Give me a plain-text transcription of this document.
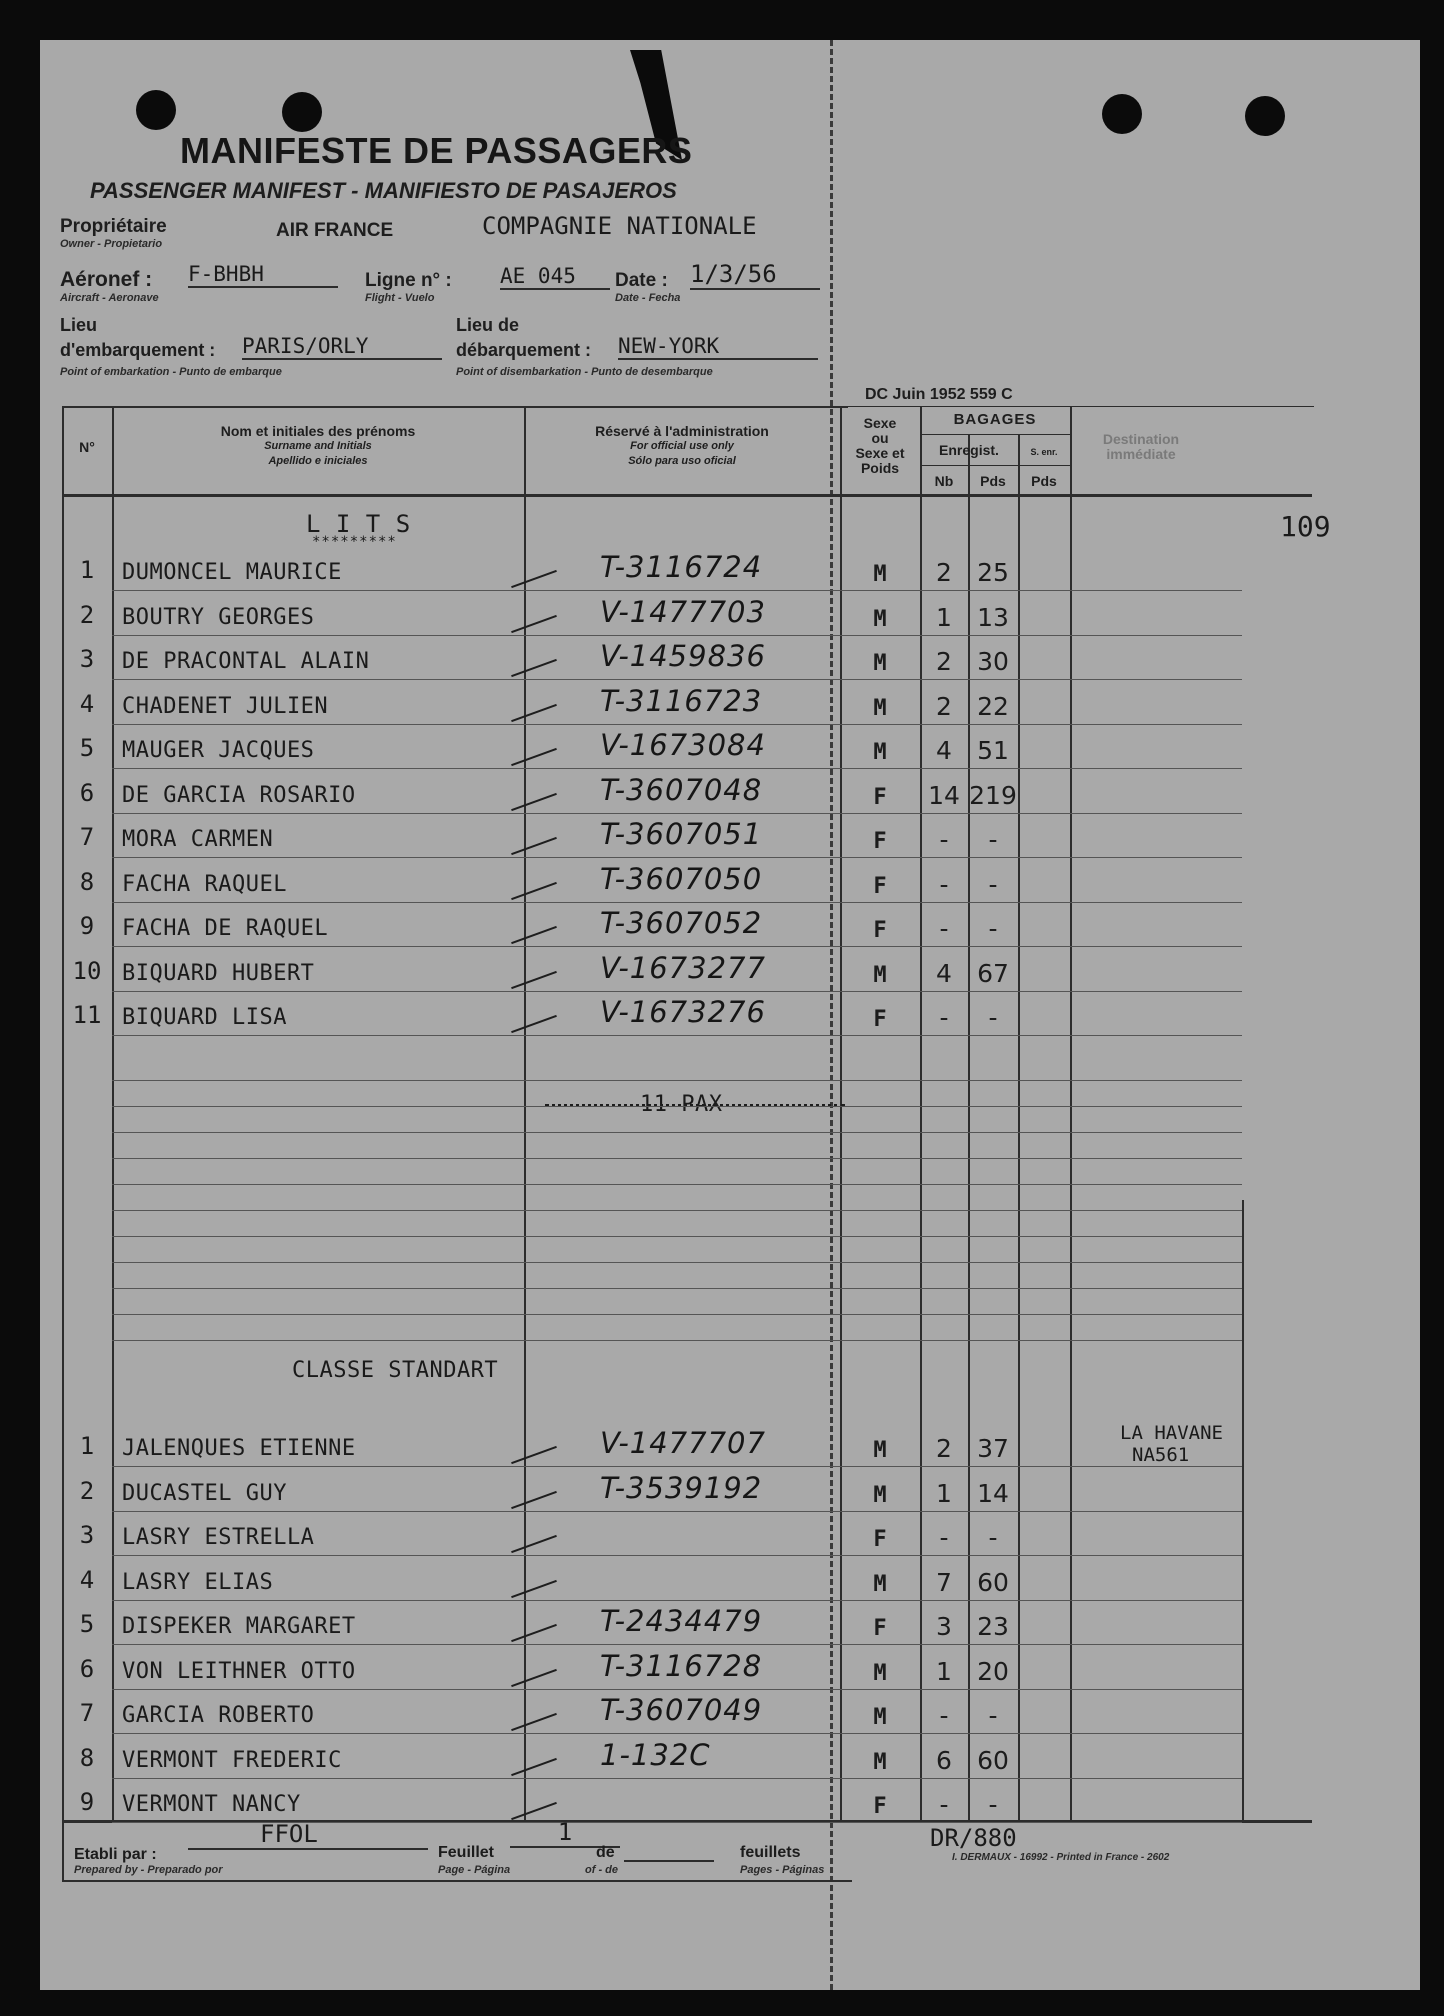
MANIFESTE DE PASSAGERS
PASSENGER MANIFEST - MANIFIESTO DE PASAJEROS
Propriétaire
Owner - Propietario
AIR FRANCE	COMPAGNIE NATIONALE
Aéronef :
Aircraft - Aeronave
F-BHBH	Ligne n° :
Flight - Vuelo
AE 045	Date :
Date - Fecha
1/3/56
Lieu
d'embarquement :
Point of embarkation - Punto de embarque
PARIS/ORLY
Lieu de
débarquement :
Point of disembarkation - Punto de desembarque
NEW-YORK
DC Juin 1952 559 C
109
N°
Nom et initiales des prénoms
Surname and Initials
Apellido e iniciales
Réservé à l'administration
For official use only
Sólo para uso oficial
Sexe
ou
Sexe et
Poids
BAGAGES
Enregist.	S. enr.
Nb	Pds	Pds
Destination
immédiate
L I T S
*********
11 PAX
CLASSE STANDART
1	DUMONCEL MAURICE	T-3116724	M	2	25
2	BOUTRY GEORGES	V-1477703	M	1	13
3	DE PRACONTAL ALAIN	V-1459836	M	2	30
4	CHADENET JULIEN	T-3116723	M	2	22
5	MAUGER JACQUES	V-1673084	M	4	51
6	DE GARCIA ROSARIO	T-3607048	F	14 219
7	MORA CARMEN	T-3607051	F	-	-
8	FACHA RAQUEL	T-3607050	F	-	-
9	FACHA DE RAQUEL	T-3607052	F	-	-
10 BIQUARD HUBERT	V-1673277	M	4	67
11 BIQUARD LISA	V-1673276	F	-	-
1	JALENQUES ETIENNE	V-1477707	M	2	37
LA HAVANE
NA561
2	DUCASTEL GUY	T-3539192	M	1	14
3	LASRY ESTRELLA	F	-	-
4	LASRY ELIAS	M	7	60
5	DISPEKER MARGARET	T-2434479	F	3	23
6	VON LEITHNER OTTO	T-3116728	M	1	20
7	GARCIA ROBERTO	T-3607049	M	-	-
8	VERMONT FREDERIC	1-132C	M	6	60
9	VERMONT NANCY	F	-	-
Etabli par :
Prepared by - Preparado por
FFOL
Feuillet
Page - Página
1
de
of - de
feuillets
Pages - Páginas
DR/880
I. DERMAUX - 16992 - Printed in France - 2602
